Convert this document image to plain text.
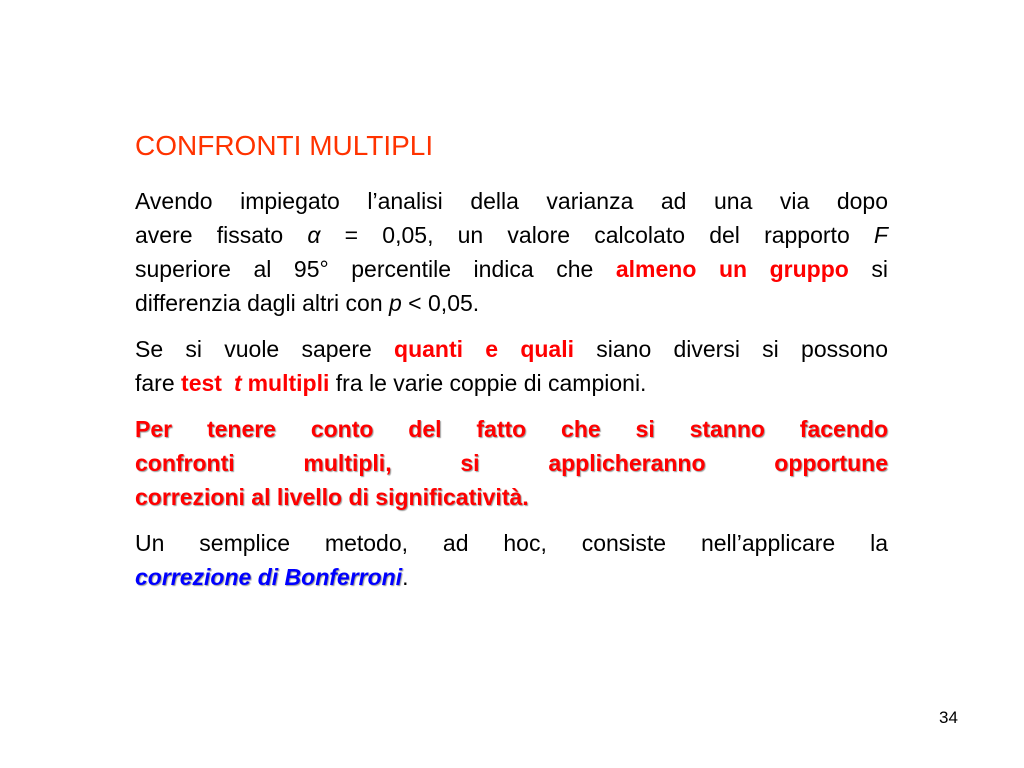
CONFRONTI MULTIPLI
Avendo impiegato l’analisi della varianza ad una via dopo
avere fissato α = 0,05, un valore calcolato del rapporto F
superiore al 95° percentile indica che almeno un gruppo si
differenzia dagli altri con p < 0,05.
Se si vuole sapere quanti e quali siano diversi si possono
fare test t multipli fra le varie coppie di campioni.
Per tenere conto del fatto che si stanno facendo
confronti multipli, si applicheranno opportune
correzioni al livello di significatività.
Un semplice metodo, ad hoc, consiste nell’applicare la
correzione di Bonferroni.
34
